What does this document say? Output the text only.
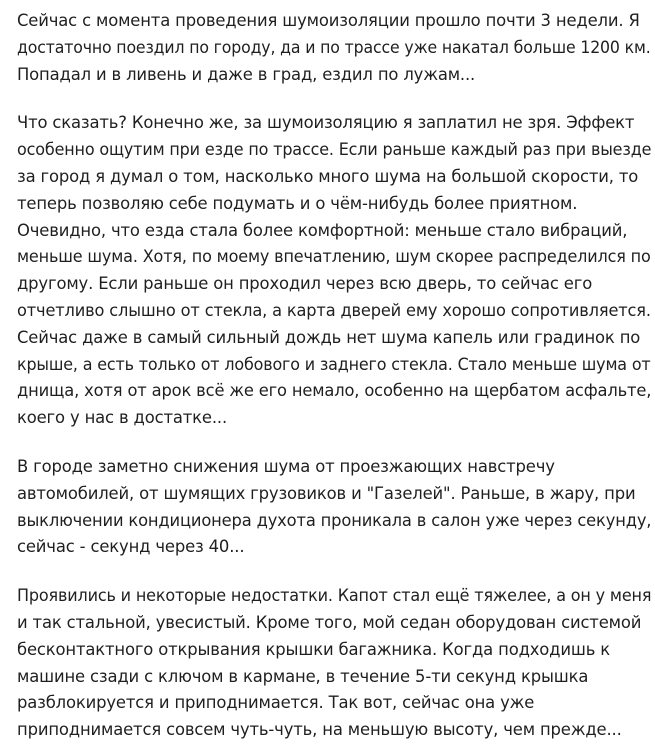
Сейчас с момента проведения шумоизоляции прошло почти 3 недели. Я
достаточно поездил по городу, да и по трассе уже накатал больше 1200 км.
Попадал и в ливень и даже в град, ездил по лужам...

Что сказать? Конечно же, за шумоизоляцию я заплатил не зря. Эффект
особенно ощутим при езде по трассе. Если раньше каждый раз при выезде
за город я думал о том, насколько много шума на большой скорости, то
теперь позволяю себе подумать и о чём-нибудь более приятном.
Очевидно, что езда стала более комфортной: меньше стало вибраций,
меньше шума. Хотя, по моему впечатлению, шум скорее распределился по
другому. Если раньше он проходил через всю дверь, то сейчас его
отчетливо слышно от стекла, а карта дверей ему хорошо сопротивляется.
Сейчас даже в самый сильный дождь нет шума капель или градинок по
крыше, а есть только от лобового и заднего стекла. Стало меньше шума от
днища, хотя от арок всё же его немало, особенно на щербатом асфальте,
коего у нас в достатке...

В городе заметно снижения шума от проезжающих навстречу
автомобилей, от шумящих грузовиков и "Газелей". Раньше, в жару, при
выключении кондиционера духота проникала в салон уже через секунду,
сейчас - секунд через 40...

Проявились и некоторые недостатки. Капот стал ещё тяжелее, а он у меня
и так стальной, увесистый. Кроме того, мой седан оборудован системой
бесконтактного открывания крышки багажника. Когда подходишь к
машине сзади с ключом в кармане, в течение 5-ти секунд крышка
разблокируется и приподнимается. Так вот, сейчас она уже
приподнимается совсем чуть-чуть, на меньшую высоту, чем прежде...
